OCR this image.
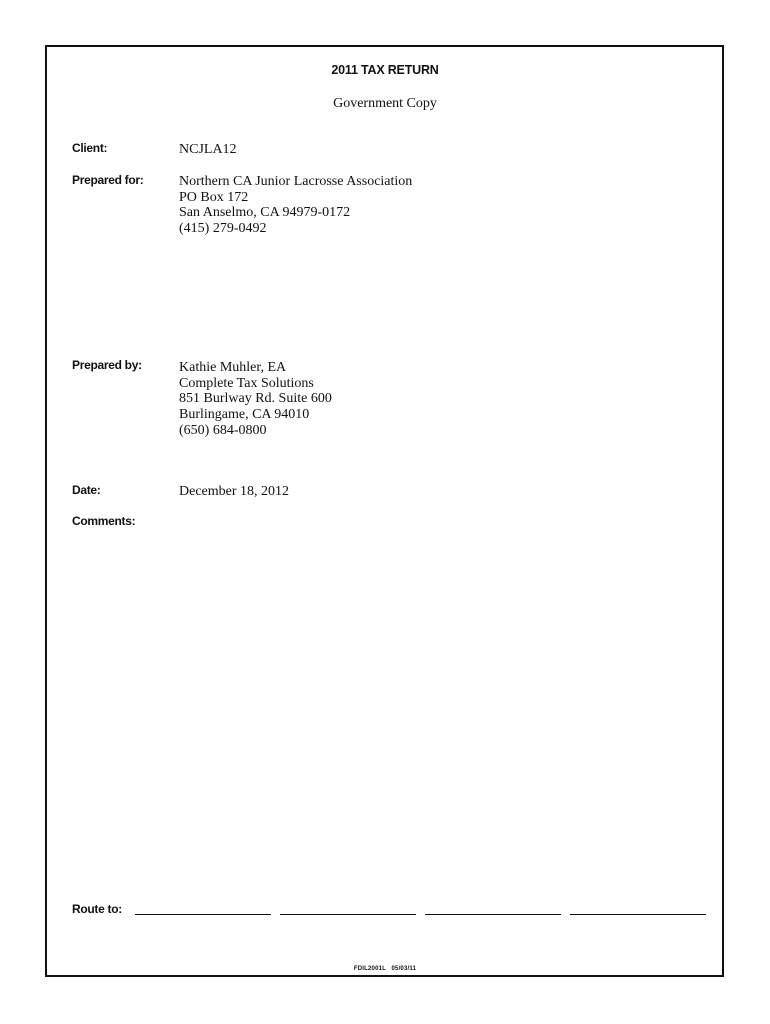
2011 TAX RETURN
Government Copy
Client:	NCJLA12
Prepared for:	Northern CA Junior Lacrosse Association
PO Box 172
San Anselmo, CA 94979-0172
(415) 279-0492
Prepared by:	Kathie Muhler, EA
Complete Tax Solutions
851 Burlway Rd. Suite 600
Burlingame, CA 94010
(650) 684-0800
Date:	December 18, 2012
Comments:
Route to:
FDIL2001L   05/03/11
